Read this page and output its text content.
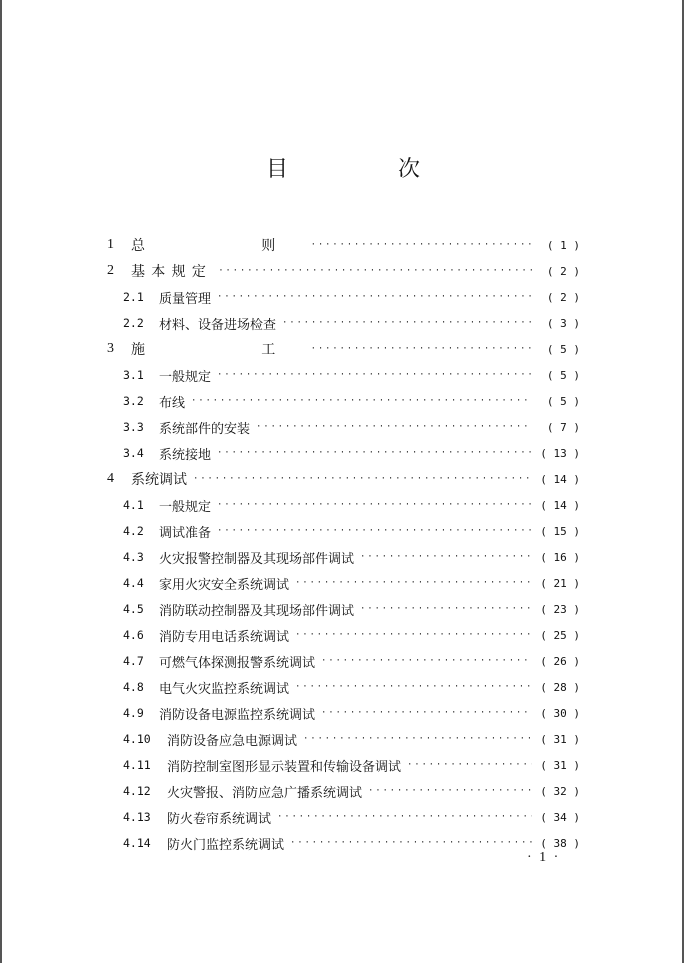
目　次
1	总　　则 ·····	( 1 )
2	基本规定 ·····	( 2 )
2.1	质量管理 ·····	( 2 )
2.2	材料、设备进场检查 ·····	( 3 )
3	施　　工 ·····	( 5 )
3.1	一般规定 ·····	( 5 )
3.2	布线 ·····	( 5 )
3.3	系统部件的安装 ·····	( 7 )
3.4	系统接地 ·····	( 13 )
4	系统调试 ·····	( 14 )
4.1	一般规定 ·····	( 14 )
4.2	调试准备 ·····	( 15 )
4.3	火灾报警控制器及其现场部件调试 ·····	( 16 )
4.4	家用火灾安全系统调试 ·····	( 21 )
4.5	消防联动控制器及其现场部件调试 ·····	( 23 )
4.6	消防专用电话系统调试 ·····	( 25 )
4.7	可燃气体探测报警系统调试 ·····	( 26 )
4.8	电气火灾监控系统调试 ·····	( 28 )
4.9	消防设备电源监控系统调试 ·····	( 30 )
4.10	消防设备应急电源调试 ·····	( 31 )
4.11	消防控制室图形显示装置和传输设备调试 ·····	( 31 )
4.12	火灾警报、消防应急广播系统调试 ·····	( 32 )
4.13	防火卷帘系统调试 ·····	( 34 )
4.14	防火门监控系统调试 ·····	( 38 )
· 1 ·
